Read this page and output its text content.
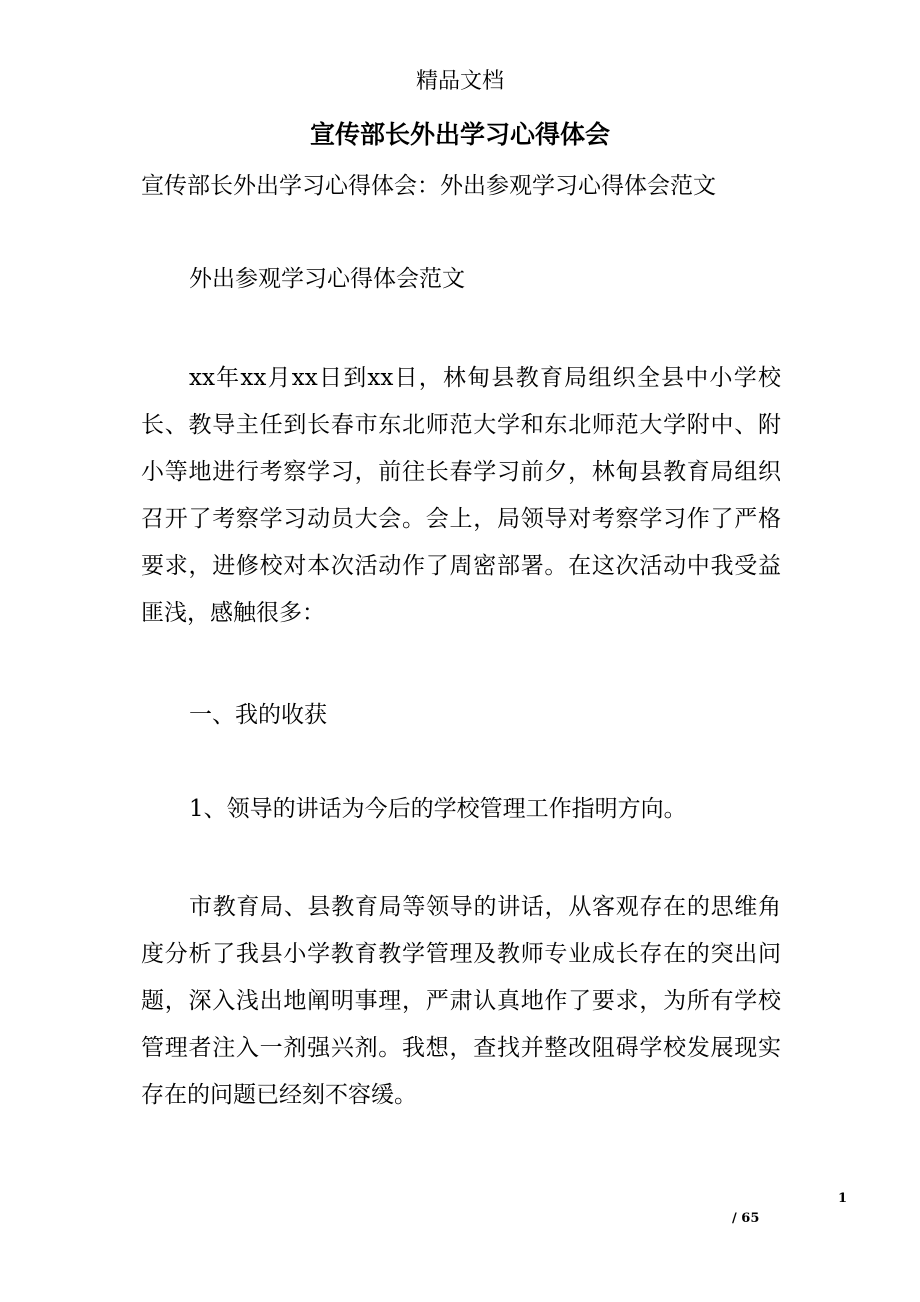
精品文档
宣传部长外出学习心得体会
宣传部长外出学习心得体会：外出参观学习心得体会范文
外出参观学习心得体会范文
xx年xx月xx日到xx日，林甸县教育局组织全县中小学校长、教导主任到长春市东北师范大学和东北师范大学附中、附小等地进行考察学习，前往长春学习前夕，林甸县教育局组织召开了考察学习动员大会。会上，局领导对考察学习作了严格要求，进修校对本次活动作了周密部署。在这次活动中我受益匪浅，感触很多：
一、我的收获
1、领导的讲话为今后的学校管理工作指明方向。
市教育局、县教育局等领导的讲话，从客观存在的思维角度分析了我县小学教育教学管理及教师专业成长存在的突出问题，深入浅出地阐明事理，严肃认真地作了要求，为所有学校管理者注入一剂强兴剂。我想，查找并整改阻碍学校发展现实存在的问题已经刻不容缓。
1
/ 65
